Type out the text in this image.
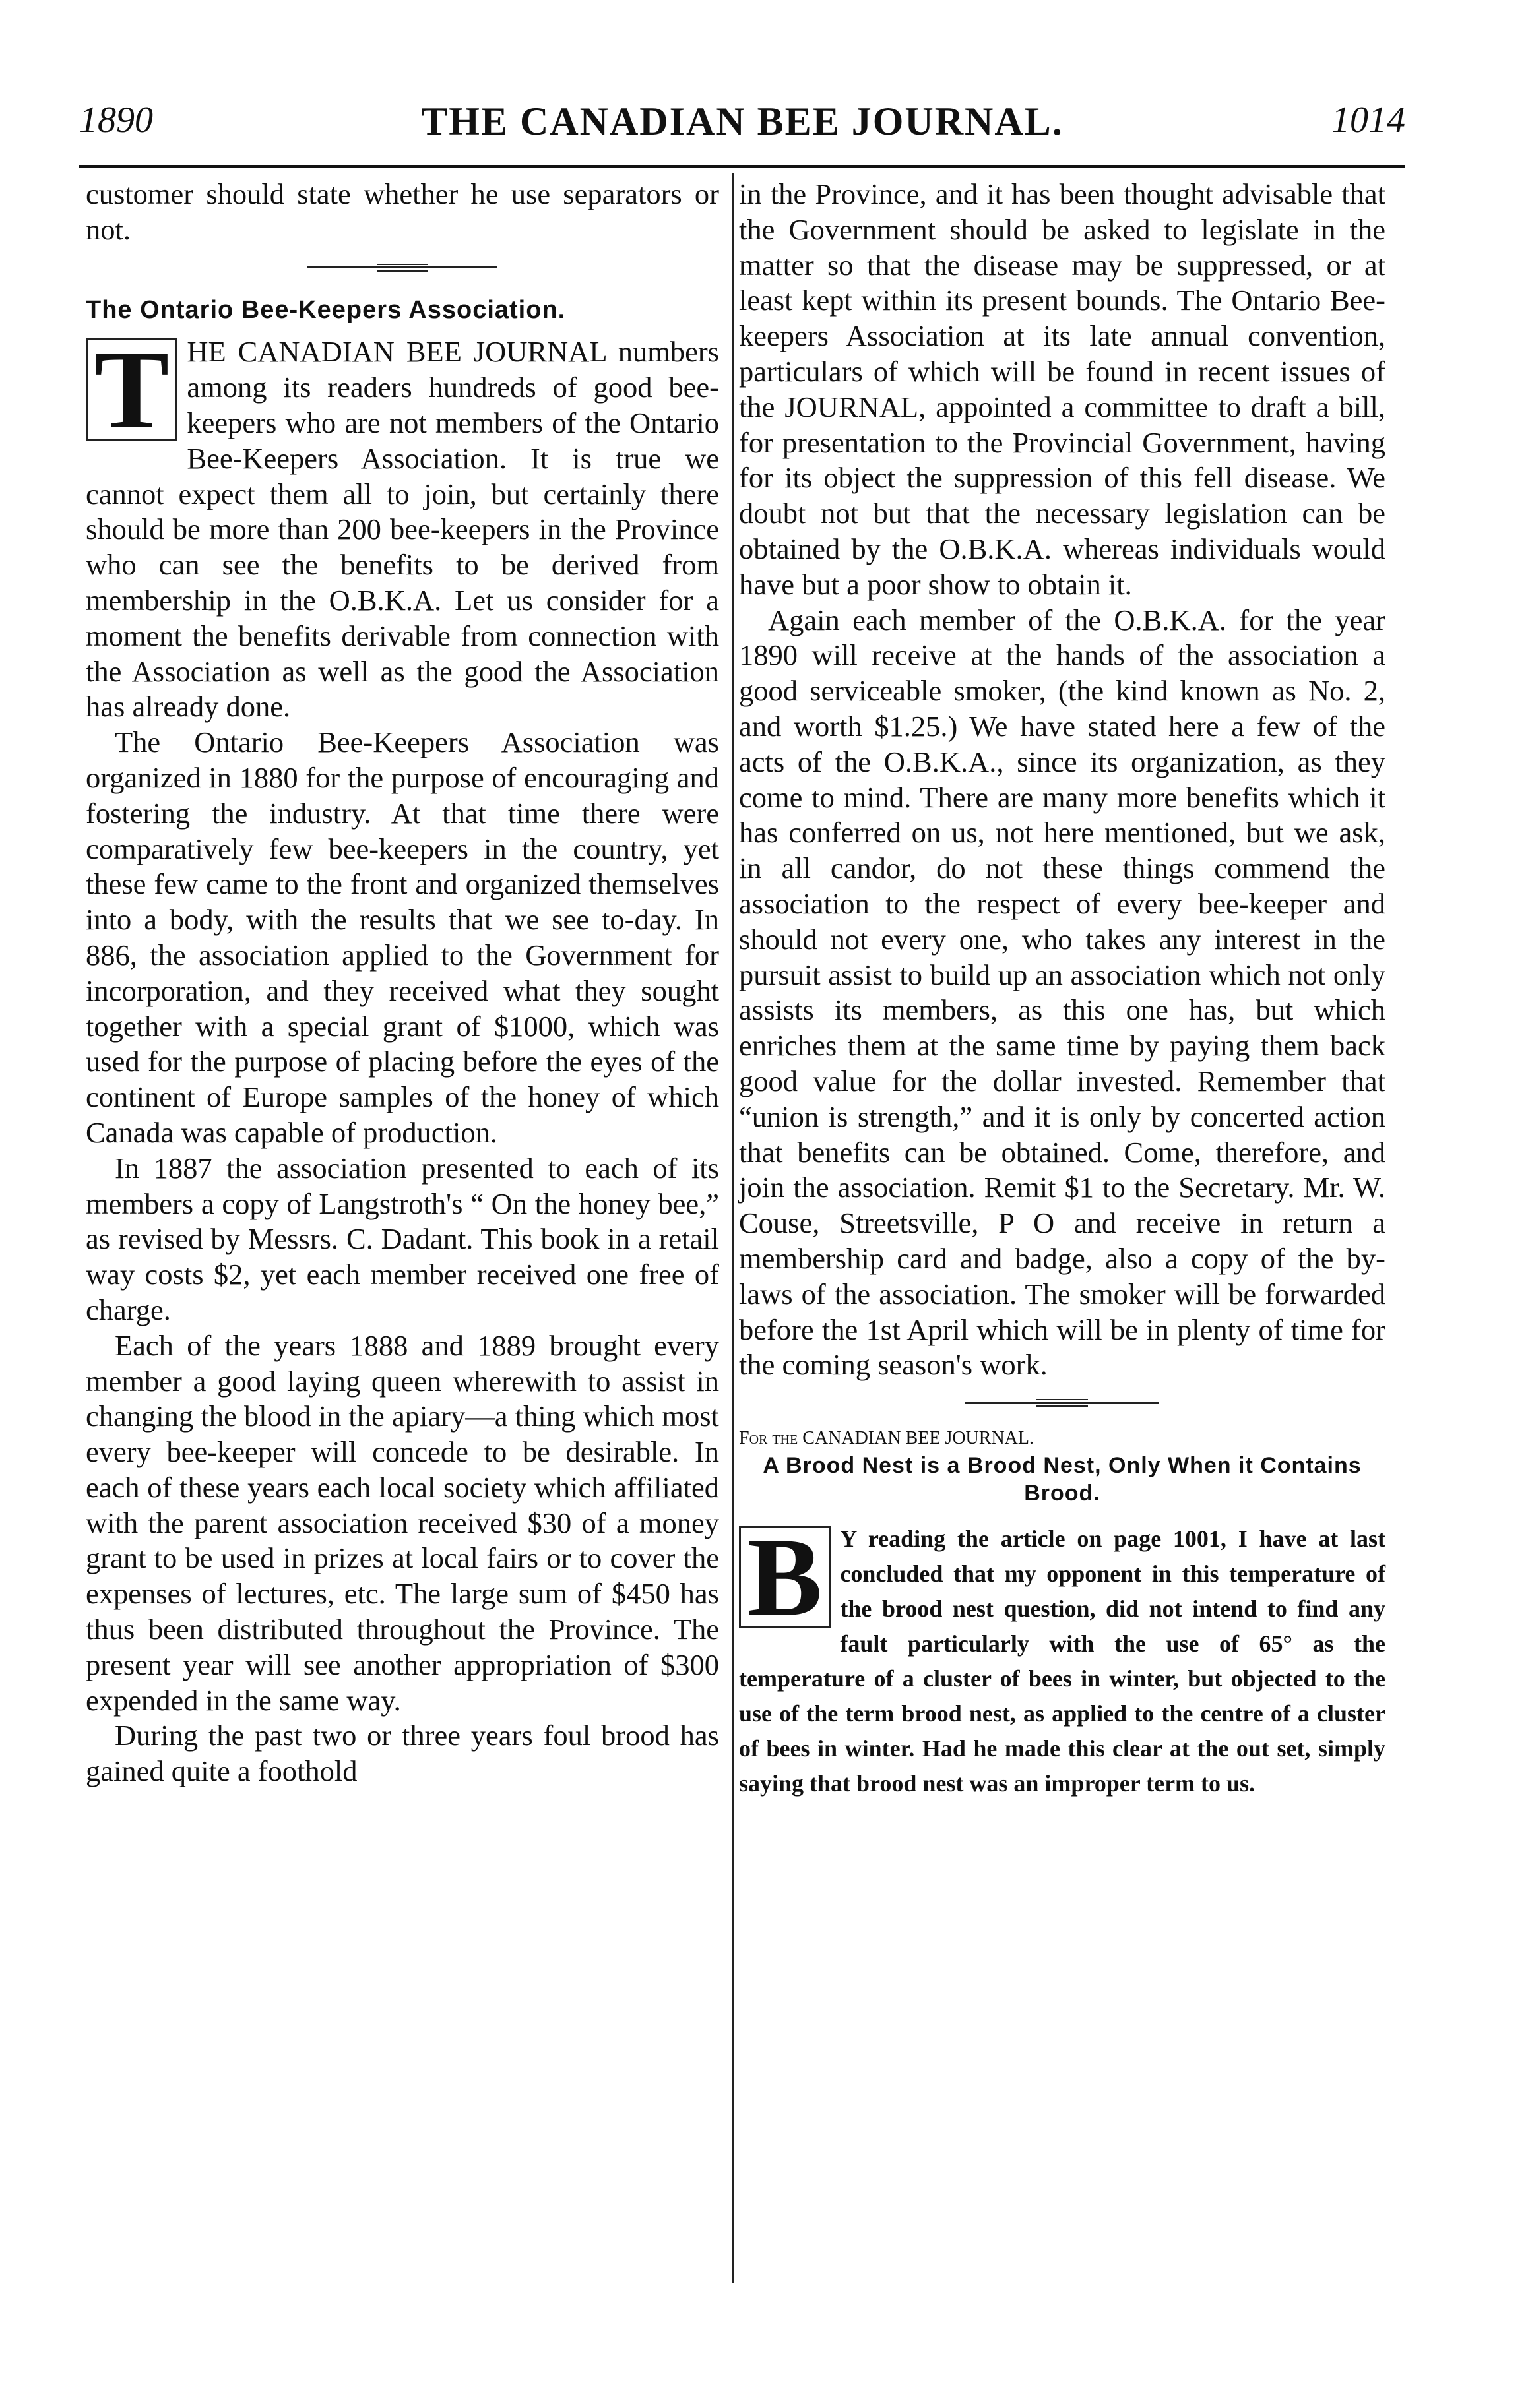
1890	THE CANADIAN BEE JOURNAL.	1014

customer should state whether he use separators or not.

The Ontario Bee-Keepers Association.

T HE CANADIAN BEE JOURNAL numbers among its readers hundreds of good bee-keepers who are not members of the Ontario Bee-Keepers Association. It is true we cannot expect them all to join, but certainly there should be more than 200 bee-keepers in the Province who can see the benefits to be derived from membership in the O.B.K.A. Let us consider for a moment the benefits derivable from connection with the Association as well as the good the Association has already done.

The Ontario Bee-Keepers Association was organized in 1880 for the purpose of encouraging and fostering the industry. At that time there were comparatively few bee-keepers in the country, yet these few came to the front and organized themselves into a body, with the results that we see to-day. In 886, the association applied to the Government for incorporation, and they received what they sought together with a special grant of $1000, which was used for the purpose of placing before the eyes of the continent of Europe samples of the honey of which Canada was capable of production.

In 1887 the association presented to each of its members a copy of Langstroth's “ On the honey bee,” as revised by Messrs. C. Dadant. This book in a retail way costs $2, yet each member received one free of charge.

Each of the years 1888 and 1889 brought every member a good laying queen wherewith to assist in changing the blood in the apiary—a thing which most every bee-keeper will concede to be desirable. In each of these years each local society which affiliated with the parent association received $30 of a money grant to be used in prizes at local fairs or to cover the expenses of lectures, etc. The large sum of $450 has thus been distributed throughout the Province. The present year will see another appropriation of $300 expended in the same way.

During the past two or three years foul brood has gained quite a foothold

in the Province, and it has been thought advisable that the Government should be asked to legislate in the matter so that the disease may be suppressed, or at least kept within its present bounds. The Ontario Bee-keepers Association at its late annual convention, particulars of which will be found in recent issues of the JOURNAL, appointed a committee to draft a bill, for presentation to the Provincial Government, having for its object the suppression of this fell disease. We doubt not but that the necessary legislation can be obtained by the O.B.K.A. whereas individuals would have but a poor show to obtain it.

Again each member of the O.B.K.A. for the year 1890 will receive at the hands of the association a good serviceable smoker, (the kind known as No. 2, and worth $1.25.) We have stated here a few of the acts of the O.B.K.A., since its organization, as they come to mind. There are many more benefits which it has conferred on us, not here mentioned, but we ask, in all candor, do not these things commend the association to the respect of every bee-keeper and should not every one, who takes any interest in the pursuit assist to build up an association which not only assists its members, as this one has, but which enriches them at the same time by paying them back good value for the dollar invested. Remember that “union is strength,” and it is only by concerted action that benefits can be obtained. Come, therefore, and join the association. Remit $1 to the Secretary. Mr. W. Couse, Streetsville, P O and receive in return a membership card and badge, also a copy of the by-laws of the association. The smoker will be forwarded before the 1st April which will be in plenty of time for the coming season's work.

For the CANADIAN BEE JOURNAL.
A Brood Nest is a Brood Nest, Only When it Contains Brood.

B Y reading the article on page 1001, I have at last concluded that my opponent in this temperature of the brood nest question, did not intend to find any fault particularly with the use of 65° as the temperature of a cluster of bees in winter, but objected to the use of the term brood nest, as applied to the centre of a cluster of bees in winter. Had he made this clear at the out set, simply saying that brood nest was an improper term to us.
